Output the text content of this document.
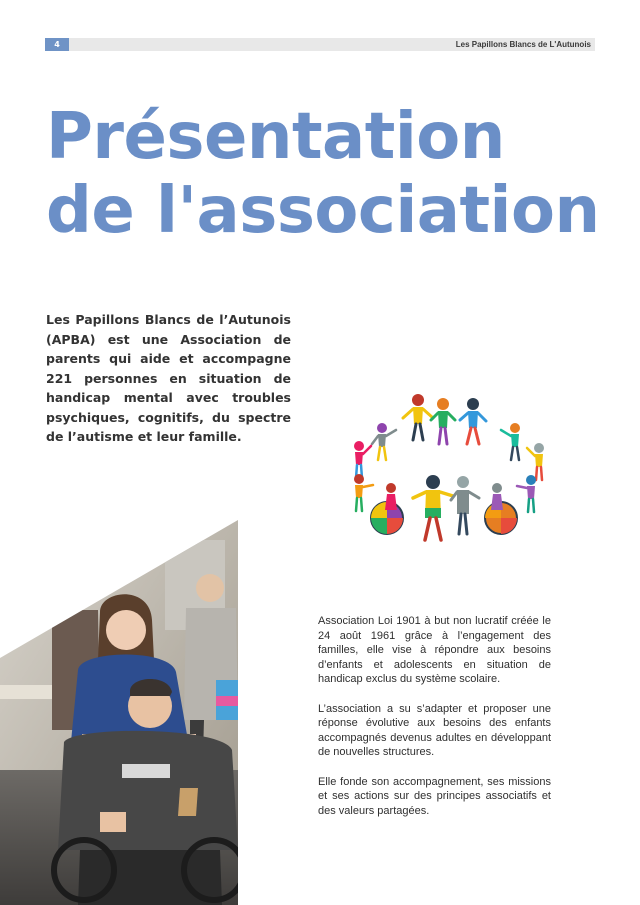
4	Les Papillons Blancs de L'Autunois
Présentation
de l'association

Les Papillons Blancs de l’Autunois (APBA) est une Association de parents qui aide et accompagne 221 personnes en situation de handicap mental avec troubles psychiques, cognitifs, du spectre de l’autisme et leur famille.

Association Loi 1901 à but non lucratif créée le 24 août 1961 grâce à l’engagement des familles, elle vise à répondre aux besoins d’enfants et adolescents en situation de handicap exclus du système scolaire.

L’association a su s’adapter et proposer une réponse évolutive aux besoins des enfants accompagnés devenus adultes en développant de nouvelles structures.

Elle fonde son accompagnement, ses missions et ses actions sur des principes associatifs et des valeurs partagées.
